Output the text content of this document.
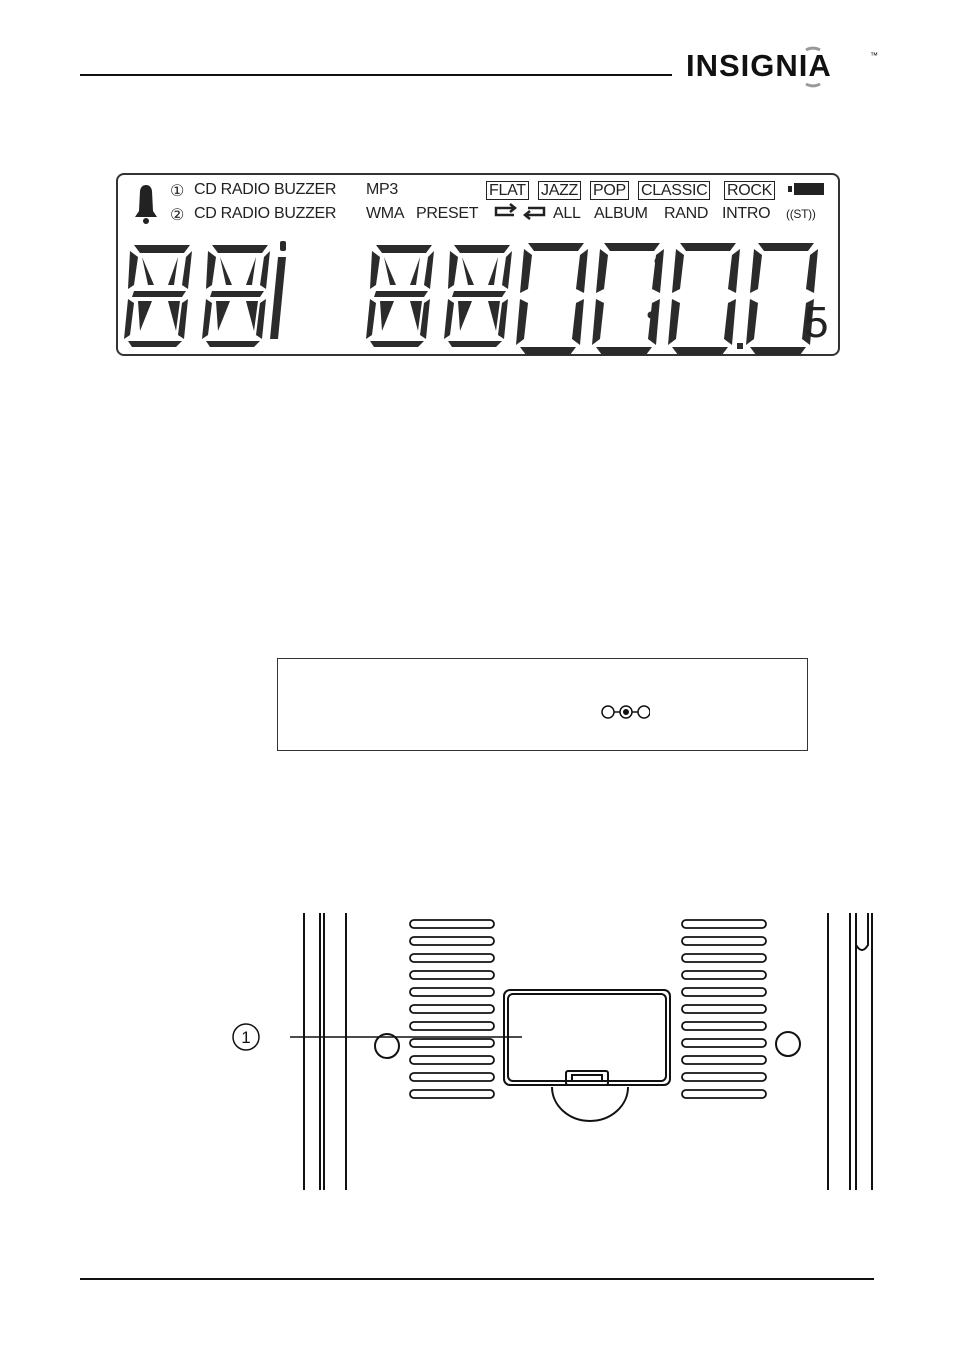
INSIGNIA	™
5
① CD RADIO BUZZER MP3	FLAT JAZZ POP CLASSIC ROCK
② CD RADIO BUZZER WMA PRESET	ALL ALBUM RAND INTRO ((ST))
1
